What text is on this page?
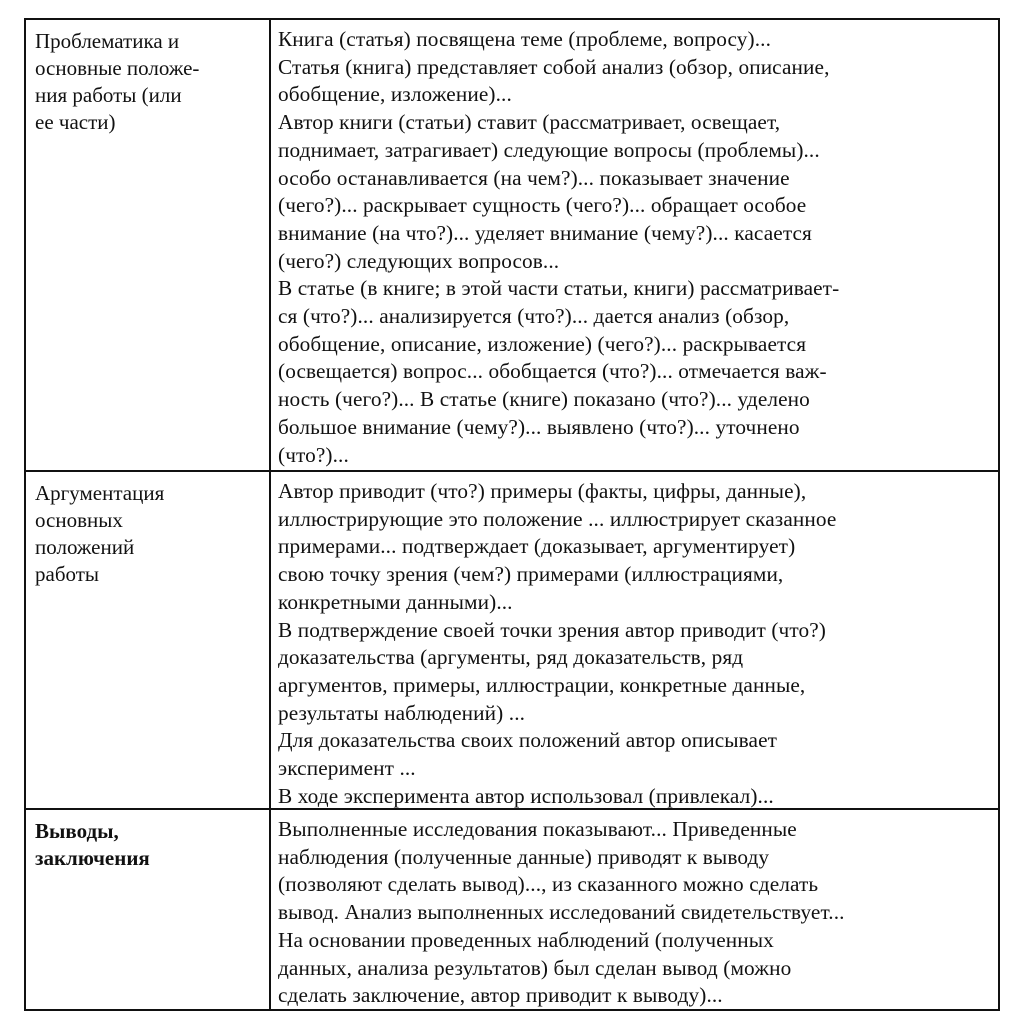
Проблематика и
основные положе-
ния работы (или
ее части)
Книга (статья) посвящена теме (проблеме, вопросу)...
Статья (книга) представляет собой анализ (обзор, описание,
обобщение, изложение)...
Автор книги (статьи) ставит (рассматривает, освещает,
поднимает, затрагивает) следующие вопросы (проблемы)...
особо останавливается (на чем?)... показывает значение
(чего?)... раскрывает сущность (чего?)... обращает особое
внимание (на что?)... уделяет внимание (чему?)... касается
(чего?) следующих вопросов...
В статье (в книге; в этой части статьи, книги) рассматривает-
ся (что?)... анализируется (что?)... дается анализ (обзор,
обобщение, описание, изложение) (чего?)... раскрывается
(освещается) вопрос... обобщается (что?)... отмечается важ-
ность (чего?)... В статье (книге) показано (что?)... уделено
большое внимание (чему?)... выявлено (что?)... уточнено
(что?)...
Аргументация
основных
положений
работы
Автор приводит (что?) примеры (факты, цифры, данные),
иллюстрирующие это положение ... иллюстрирует сказанное
примерами... подтверждает (доказывает, аргументирует)
свою точку зрения (чем?) примерами (иллюстрациями,
конкретными данными)...
В подтверждение своей точки зрения автор приводит (что?)
доказательства (аргументы, ряд доказательств, ряд
аргументов, примеры, иллюстрации, конкретные данные,
результаты наблюдений) ...
Для доказательства своих положений автор описывает
эксперимент ...
В ходе эксперимента автор использовал (привлекал)...
Выводы,
заключения
Выполненные исследования показывают... Приведенные
наблюдения (полученные данные) приводят к выводу
(позволяют сделать вывод)..., из сказанного можно сделать
вывод. Анализ выполненных исследований свидетельствует...
На основании проведенных наблюдений (полученных
данных, анализа результатов) был сделан вывод (можно
сделать заключение, автор приводит к выводу)...
